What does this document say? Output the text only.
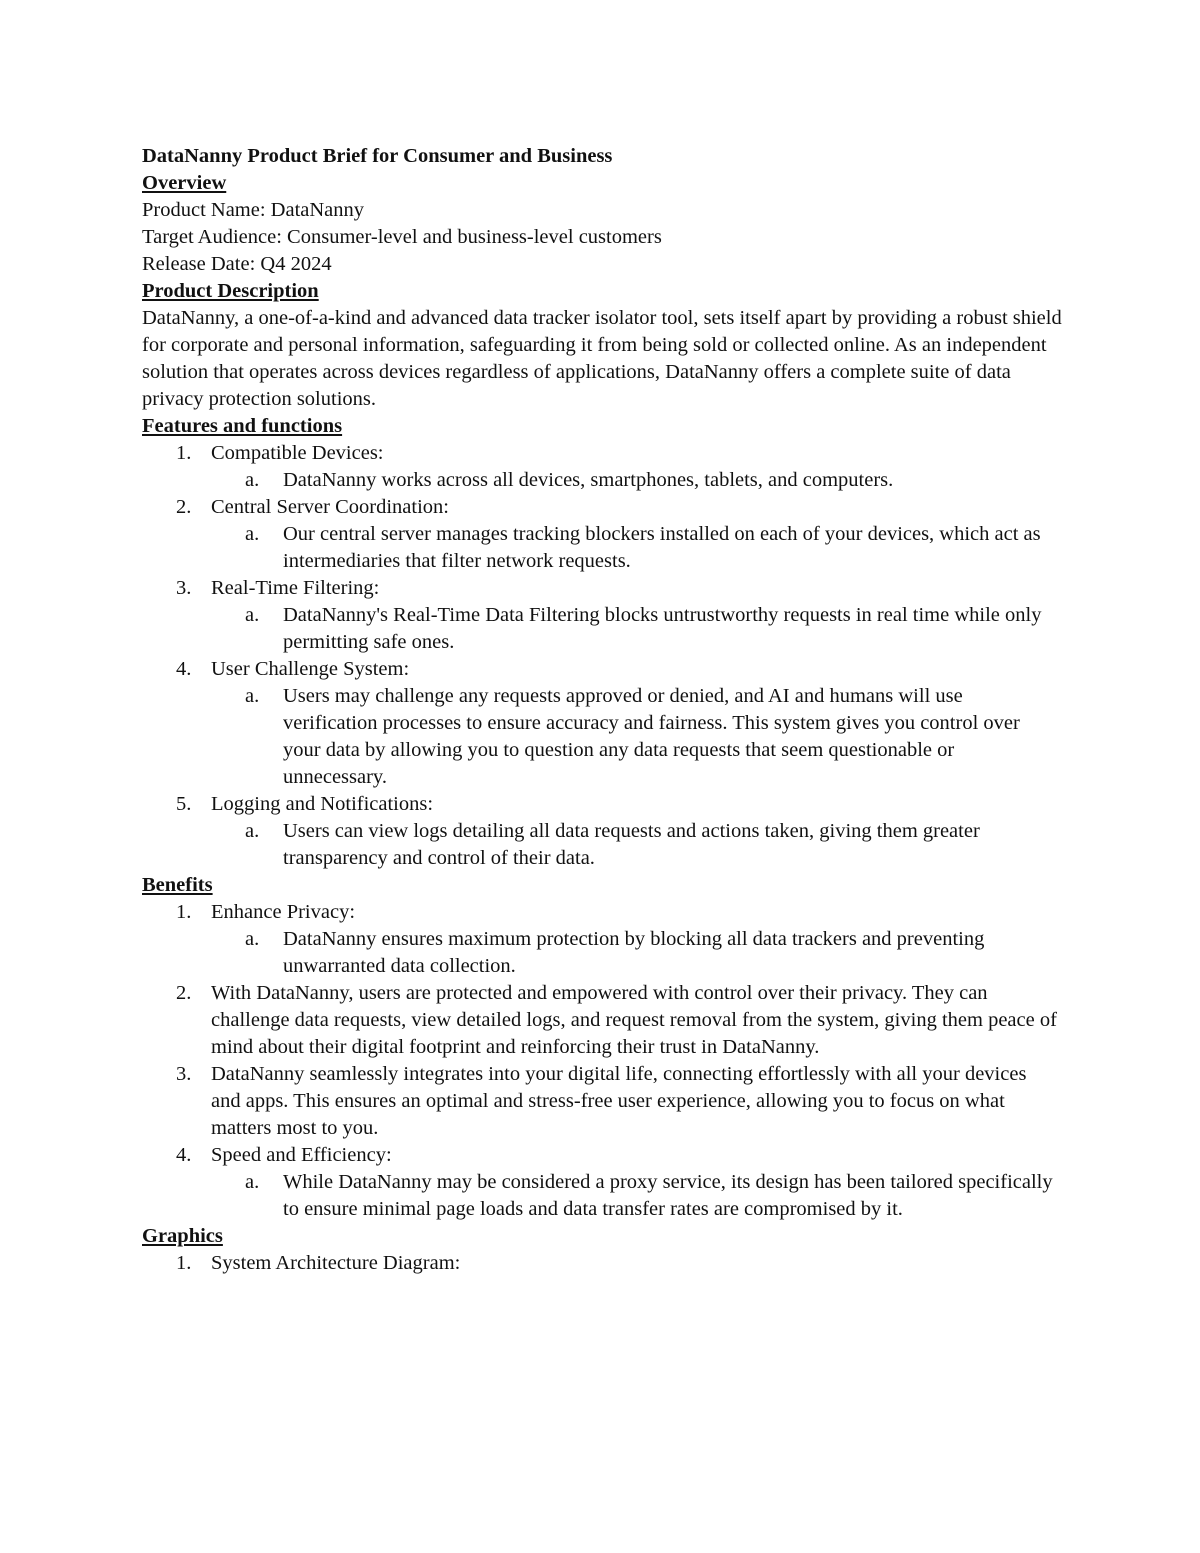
DataNanny Product Brief for Consumer and Business

Overview

Product Name: DataNanny

Target Audience: Consumer-level and business-level customers

Release Date: Q4 2024

Product Description

DataNanny, a one-of-a-kind and advanced data tracker isolator tool, sets itself apart by providing a robust shield for corporate and personal information, safeguarding it from being sold or collected online. As an independent solution that operates across devices regardless of applications, DataNanny offers a complete suite of data privacy protection solutions.

Features and functions

1. Compatible Devices:
a. DataNanny works across all devices, smartphones, tablets, and computers.
2. Central Server Coordination:
a. Our central server manages tracking blockers installed on each of your devices, which act as intermediaries that filter network requests.
3. Real-Time Filtering:
a. DataNanny's Real-Time Data Filtering blocks untrustworthy requests in real time while only permitting safe ones.
4. User Challenge System:
a. Users may challenge any requests approved or denied, and AI and humans will use verification processes to ensure accuracy and fairness. This system gives you control over your data by allowing you to question any data requests that seem questionable or unnecessary.
5. Logging and Notifications:
a. Users can view logs detailing all data requests and actions taken, giving them greater transparency and control of their data.

Benefits

1. Enhance Privacy:
a. DataNanny ensures maximum protection by blocking all data trackers and preventing unwarranted data collection.
2. With DataNanny, users are protected and empowered with control over their privacy. They can challenge data requests, view detailed logs, and request removal from the system, giving them peace of mind about their digital footprint and reinforcing their trust in DataNanny.
3. DataNanny seamlessly integrates into your digital life, connecting effortlessly with all your devices and apps. This ensures an optimal and stress-free user experience, allowing you to focus on what matters most to you.
4. Speed and Efficiency:
a. While DataNanny may be considered a proxy service, its design has been tailored specifically to ensure minimal page loads and data transfer rates are compromised by it.

Graphics

1. System Architecture Diagram:
